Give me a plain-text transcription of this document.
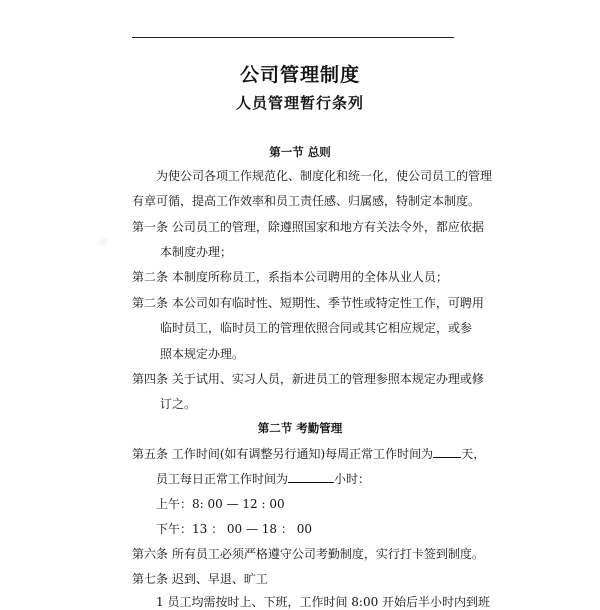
✦
公司管理制度
人员管理暂行条列
第一节 总则
为使公司各项工作规范化、制度化和统一化，使公司员工的管理
有章可循，提高工作效率和员工责任感、归属感，特制定本制度。
第一条 公司员工的管理，除遵照国家和地方有关法令外，都应依据
本制度办理；
第二条 本制度所称员工，系指本公司聘用的全体从业人员；
第二条 本公司如有临时性、短期性、季节性或特定性工作，可聘用
临时员工，临时员工的管理依照合同或其它相应规定，或参
照本规定办理。
第四条 关于试用、实习人员，新进员工的管理参照本规定办理或修
订之。
第二节 考勤管理
第五条 工作时间(如有调整另行通知)每周正常工作时间为 天，
员工每日正常工作时间为	小时：
上午：8: 00 — 12 : 00
下午：13 ： 00 — 18 ： 00
第六条 所有员工必须严格遵守公司考勤制度，实行打卡签到制度。
第七条 迟到、早退、旷工
1 员工均需按时上、下班，工作时间 8:00 开始后半小时内到班
